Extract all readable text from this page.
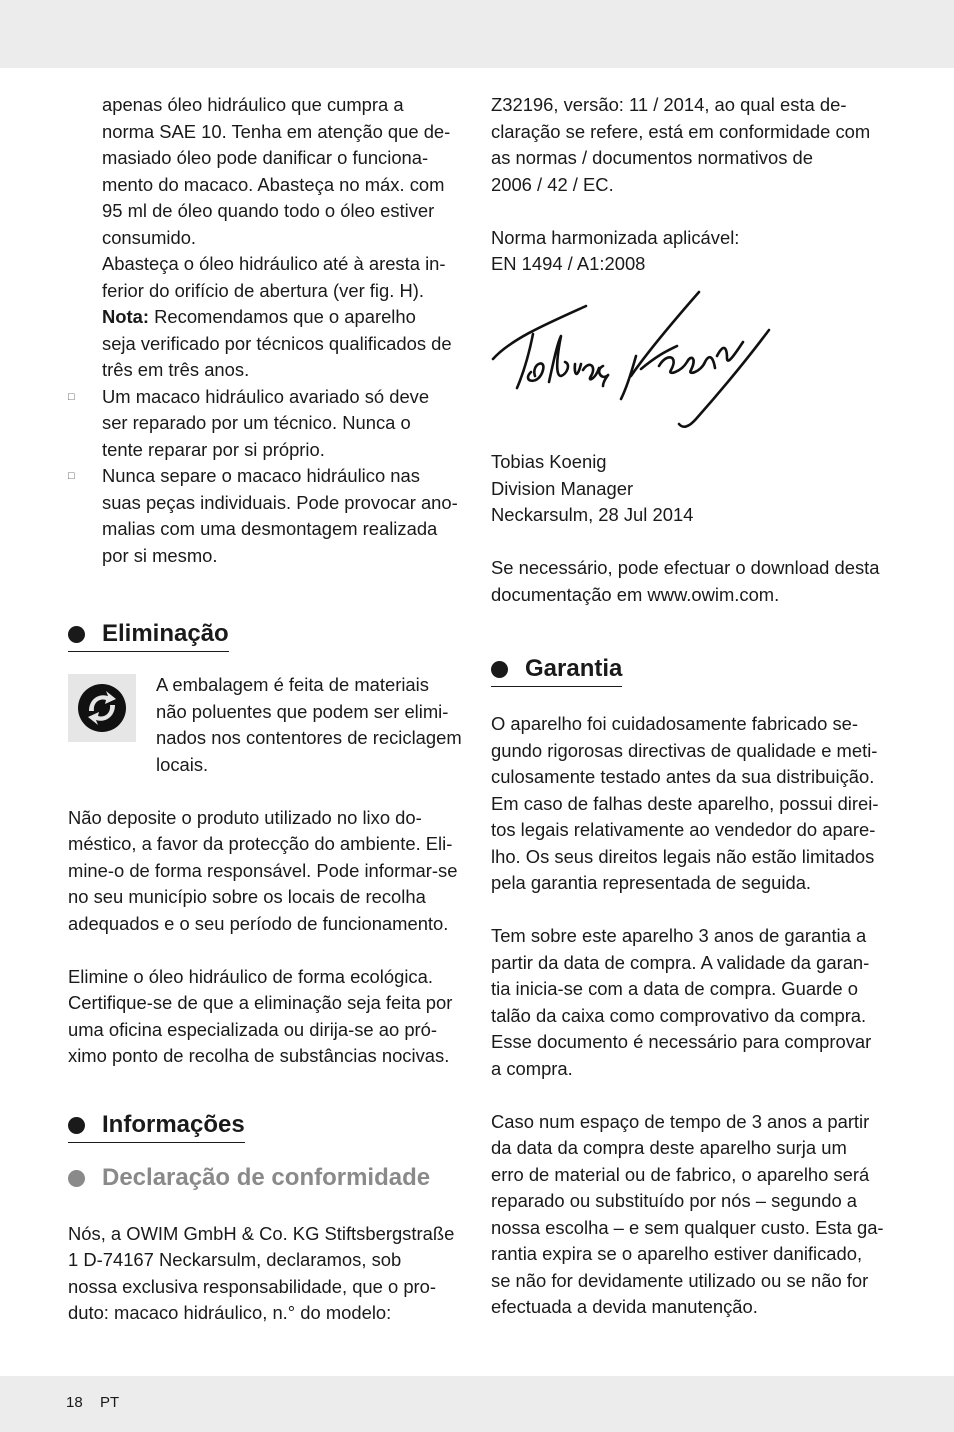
apenas óleo hidráulico que cumpra a

norma SAE 10. Tenha em atenção que de-

masiado óleo pode danificar o funciona-

mento do macaco. Abasteça no máx. com

95 ml de óleo quando todo o óleo estiver

consumido.

Abasteça o óleo hidráulico até à aresta in-

ferior do orifício de abertura (ver fig. H).

Nota: Recomendamos que o aparelho

seja verificado por técnicos qualificados de

três em três anos.

□ Um macaco hidráulico avariado só deve

ser reparado por um técnico. Nunca o

tente reparar por si próprio.

□ Nunca separe o macaco hidráulico nas

suas peças individuais. Pode provocar ano-

malias com uma desmontagem realizada

por si mesmo.

Eliminação

A embalagem é feita de materiais

não poluentes que podem ser elimi-

nados nos contentores de reciclagem

locais.

Não deposite o produto utilizado no lixo do-

méstico, a favor da protecção do ambiente. Eli-

mine-o de forma responsável. Pode informar-se

no seu município sobre os locais de recolha

adequados e o seu período de funcionamento.

Elimine o óleo hidráulico de forma ecológica.

Certifique-se de que a eliminação seja feita por

uma oficina especializada ou dirija-se ao pró-

ximo ponto de recolha de substâncias nocivas.

Informações
Declaração de conformidade

Nós, a OWIM GmbH & Co. KG Stiftsbergstraße

1 D-74167 Neckarsulm, declaramos, sob

nossa exclusiva responsabilidade, que o pro-

duto: macaco hidráulico, n.° do modelo:

Z32196, versão: 11 / 2014, ao qual esta de-

claração se refere, está em conformidade com

as normas / documentos normativos de

2006 / 42 / EC.

Norma harmonizada aplicável:

EN 1494 / A1:2008

Tobias Koenig

Division Manager

Neckarsulm, 28 Jul 2014

Se necessário, pode efectuar o download desta

documentação em www.owim.com.

Garantia

O aparelho foi cuidadosamente fabricado se-

gundo rigorosas directivas de qualidade e meti-

culosamente testado antes da sua distribuição.

Em caso de falhas deste aparelho, possui direi-

tos legais relativamente ao vendedor do apare-

lho. Os seus direitos legais não estão limitados

pela garantia representada de seguida.

Tem sobre este aparelho 3 anos de garantia a

partir da data de compra. A validade da garan-

tia inicia-se com a data de compra. Guarde o

talão da caixa como comprovativo da compra.

Esse documento é necessário para comprovar

a compra.

Caso num espaço de tempo de 3 anos a partir

da data da compra deste aparelho surja um

erro de material ou de fabrico, o aparelho será

reparado ou substituído por nós – segundo a

nossa escolha – e sem qualquer custo. Esta ga-

rantia expira se o aparelho estiver danificado,

se não for devidamente utilizado ou se não for

efectuada a devida manutenção.

18 PT
